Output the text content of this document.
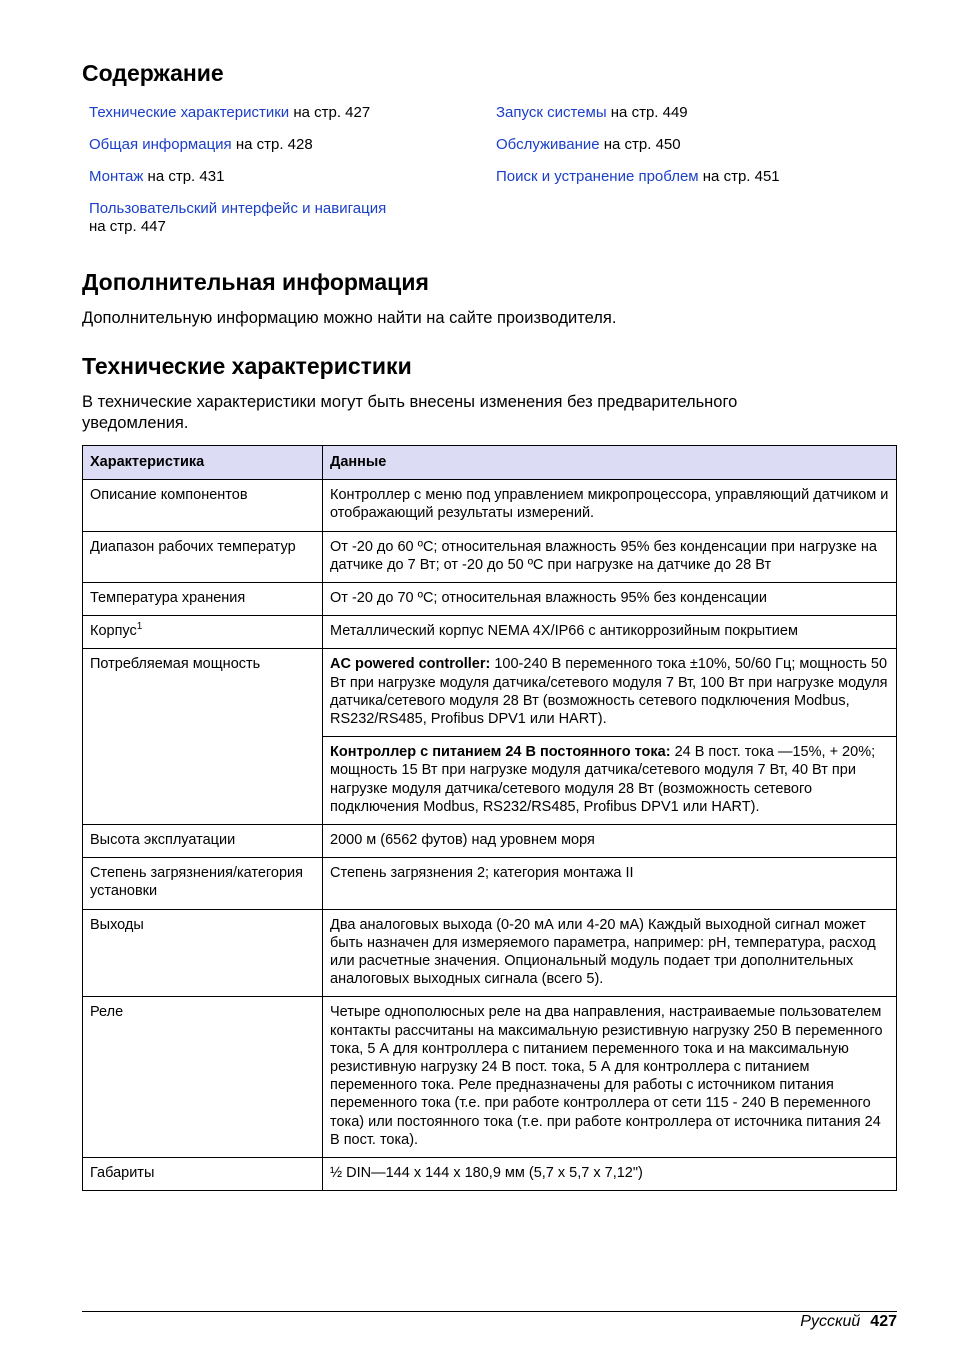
Содержание
Технические характеристики на стр. 427
Общая информация на стр. 428
Монтаж на стр. 431
Пользовательский интерфейс и навигация
на стр. 447
Запуск системы на стр. 449
Обслуживание на стр. 450
Поиск и устранение проблем на стр. 451
Дополнительная информация

Дополнительную информацию можно найти на сайте производителя.

Технические характеристики

В технические характеристики могут быть внесены изменения без предварительного уведомления.

Характеристика	Данные
Описание компонентов	Контроллер с меню под управлением микропроцессора, управляющий датчиком и отображающий результаты измерений.
Диапазон рабочих температур	От -20 до 60 ºC; относительная влажность 95% без конденсации при нагрузке на датчике до 7 Вт; от -20 до 50 ºC при нагрузке на датчике до 28 Вт
Температура хранения	От -20 до 70 ºC; относительная влажность 95% без конденсации
Корпус$^1$	Металлический корпус NEMA 4X/IP66 с антикоррозийным покрытием
Потребляемая мощность	AC powered controller: 100-240 В переменного тока ±10%, 50/60 Гц; мощность 50 Вт при нагрузке модуля датчика/сетевого модуля 7 Вт, 100 Вт при нагрузке модуля датчика/сетевого модуля 28 Вт (возможность сетевого подключения Modbus, RS232/RS485, Profibus DPV1 или HART).
	Контроллер с питанием 24 В постоянного тока: 24 В пост. тока —15%, + 20%; мощность 15 Вт при нагрузке модуля датчика/сетевого модуля 7 Вт, 40 Вт при нагрузке модуля датчика/сетевого модуля 28 Вт (возможность сетевого подключения Modbus, RS232/RS485, Profibus DPV1 или HART).
Высота эксплуатации	2000 м (6562 футов) над уровнем моря
Степень загрязнения/категория установки	Степень загрязнения 2; категория монтажа II
Выходы	Два аналоговых выхода (0-20 мА или 4-20 мА) Каждый выходной сигнал может быть назначен для измеряемого параметра, например: pH, температура, расход или расчетные значения. Опциональный модуль подает три дополнительных аналоговых выходных сигнала (всего 5).
Реле	Четыре однополюсных реле на два направления, настраиваемые пользователем контакты рассчитаны на максимальную резистивную нагрузку 250 В переменного тока, 5 А для контроллера с питанием переменного тока и на максимальную резистивную нагрузку 24 В пост. тока, 5 А для контроллера с питанием переменного тока. Реле предназначены для работы с источником питания переменного тока (т.е. при работе контроллера от сети 115 - 240 В переменного тока) или постоянного тока (т.е. при работе контроллера от источника питания 24 В пост. тока).
Габариты	½ DIN—144 x 144 x 180,9 мм (5,7 x 5,7 x 7,12")
Русский 427
